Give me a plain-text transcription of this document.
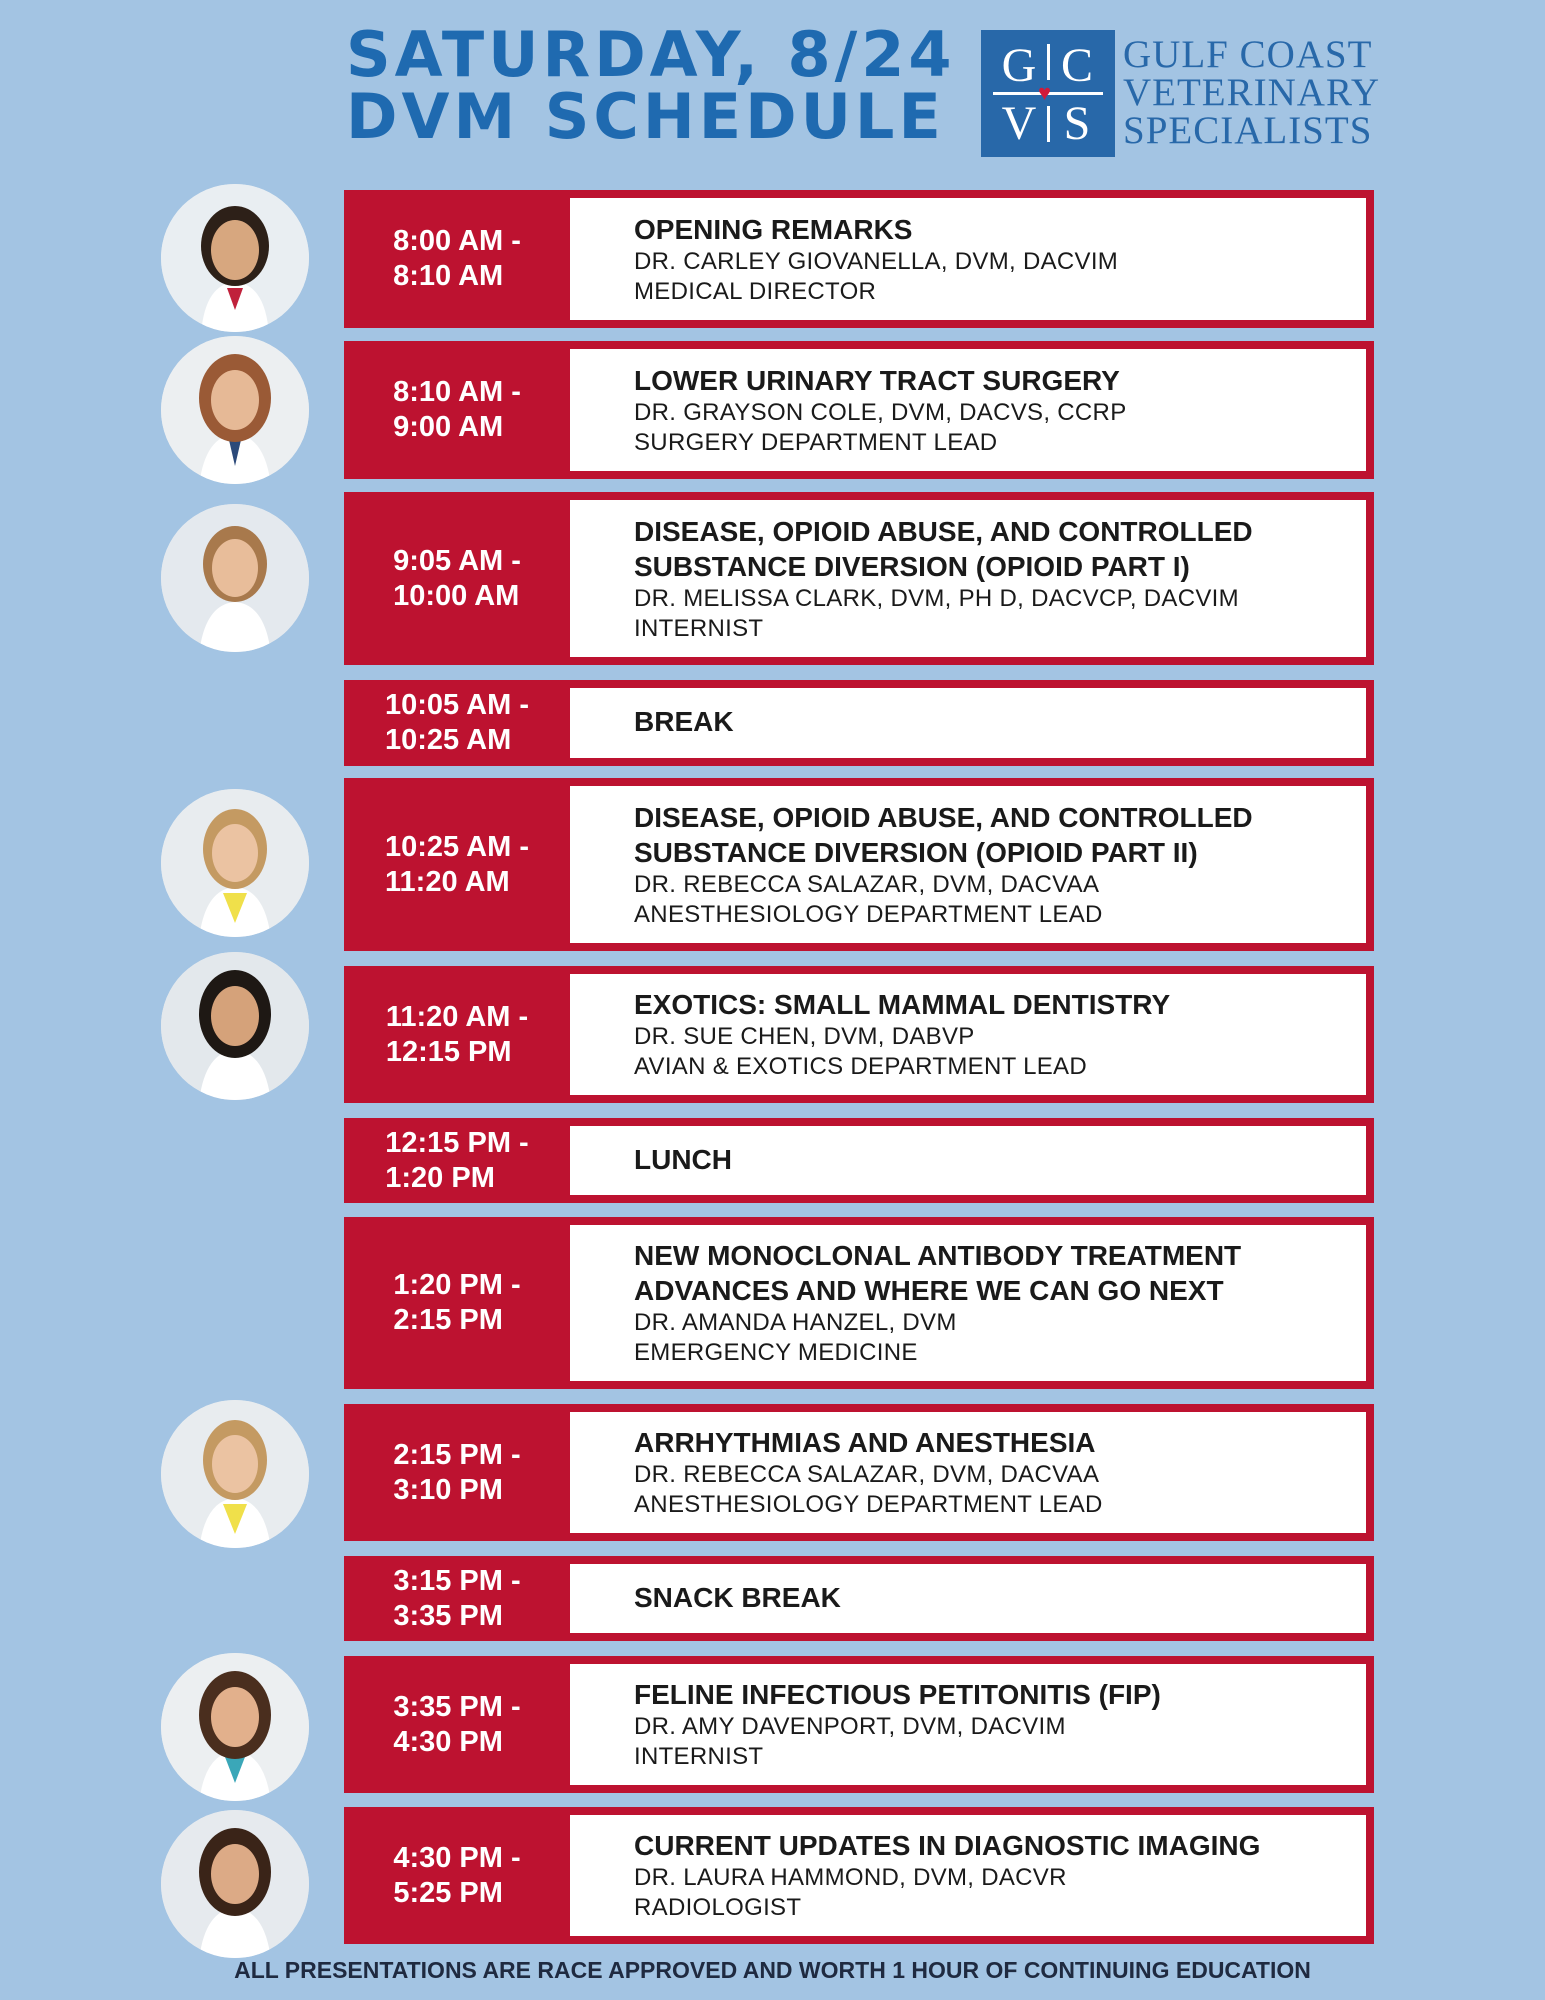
SATURDAY, 8/24
DVM SCHEDULE
G C
V S
♥
GULF COAST
VETERINARY
SPECIALISTS
8:00 AM -
8:10 AM
OPENING REMARKS
DR. CARLEY GIOVANELLA, DVM, DACVIM
MEDICAL DIRECTOR
8:10 AM -
9:00 AM
LOWER URINARY TRACT SURGERY
DR. GRAYSON COLE, DVM, DACVS, CCRP
SURGERY DEPARTMENT LEAD
9:05 AM -
10:00 AM
DISEASE, OPIOID ABUSE, AND CONTROLLED
SUBSTANCE DIVERSION (OPIOID PART I)
DR. MELISSA CLARK, DVM, PH D, DACVCP, DACVIM
INTERNIST
10:05 AM -
10:25 AM
BREAK
10:25 AM -
11:20 AM
DISEASE, OPIOID ABUSE, AND CONTROLLED
SUBSTANCE DIVERSION (OPIOID PART II)
DR. REBECCA SALAZAR, DVM, DACVAA
ANESTHESIOLOGY DEPARTMENT LEAD
11:20 AM -
12:15 PM
EXOTICS: SMALL MAMMAL DENTISTRY
DR. SUE CHEN, DVM, DABVP
AVIAN & EXOTICS DEPARTMENT LEAD
12:15 PM -
1:20 PM
LUNCH
1:20 PM -
2:15 PM
NEW MONOCLONAL ANTIBODY TREATMENT
ADVANCES AND WHERE WE CAN GO NEXT
DR. AMANDA HANZEL, DVM
EMERGENCY MEDICINE
2:15 PM -
3:10 PM
ARRHYTHMIAS AND ANESTHESIA
DR. REBECCA SALAZAR, DVM, DACVAA
ANESTHESIOLOGY DEPARTMENT LEAD
3:15 PM -
3:35 PM
SNACK BREAK
3:35 PM -
4:30 PM
FELINE INFECTIOUS PETITONITIS (FIP)
DR. AMY DAVENPORT, DVM, DACVIM
INTERNIST
4:30 PM -
5:25 PM
CURRENT UPDATES IN DIAGNOSTIC IMAGING
DR. LAURA HAMMOND, DVM, DACVR
RADIOLOGIST
ALL PRESENTATIONS ARE RACE APPROVED AND WORTH 1 HOUR OF CONTINUING EDUCATION
